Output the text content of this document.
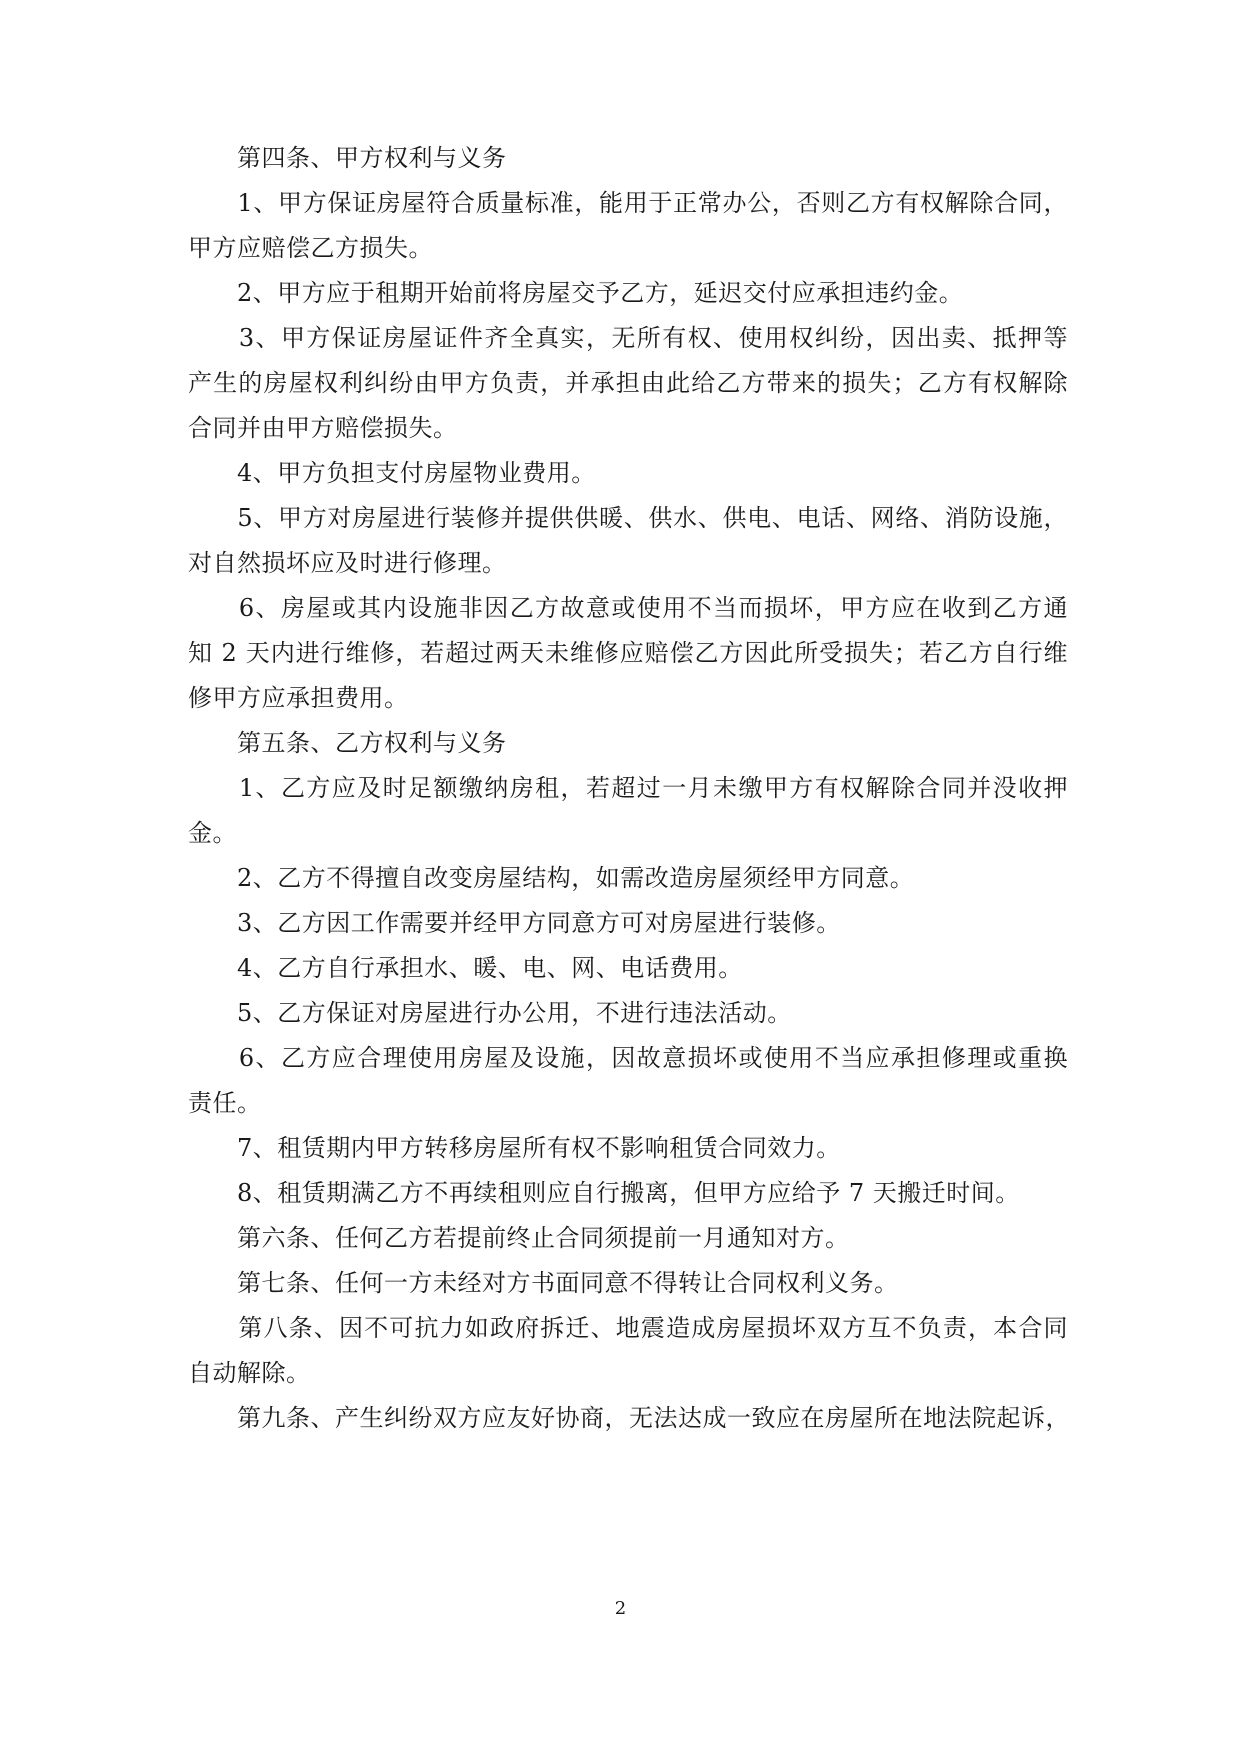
　　第四条、甲方权利与义务
　　1、甲方保证房屋符合质量标准，能用于正常办公，否则乙方有权解除合同，
甲方应赔偿乙方损失。
　　2、甲方应于租期开始前将房屋交予乙方，延迟交付应承担违约金。
　　3、甲方保证房屋证件齐全真实，无所有权、使用权纠纷，因出卖、抵押等
产生的房屋权利纠纷由甲方负责，并承担由此给乙方带来的损失；乙方有权解除
合同并由甲方赔偿损失。
　　4、甲方负担支付房屋物业费用。
　　5、甲方对房屋进行装修并提供供暖、供水、供电、电话、网络、消防设施，
对自然损坏应及时进行修理。
　　6、房屋或其内设施非因乙方故意或使用不当而损坏，甲方应在收到乙方通
知 2 天内进行维修，若超过两天未维修应赔偿乙方因此所受损失；若乙方自行维
修甲方应承担费用。
　　第五条、乙方权利与义务
　　1、乙方应及时足额缴纳房租，若超过一月未缴甲方有权解除合同并没收押
金。
　　2、乙方不得擅自改变房屋结构，如需改造房屋须经甲方同意。
　　3、乙方因工作需要并经甲方同意方可对房屋进行装修。
　　4、乙方自行承担水、暖、电、网、电话费用。
　　5、乙方保证对房屋进行办公用，不进行违法活动。
　　6、乙方应合理使用房屋及设施，因故意损坏或使用不当应承担修理或重换
责任。
　　7、租赁期内甲方转移房屋所有权不影响租赁合同效力。
　　8、租赁期满乙方不再续租则应自行搬离，但甲方应给予 7 天搬迁时间。
　　第六条、任何乙方若提前终止合同须提前一月通知对方。
　　第七条、任何一方未经对方书面同意不得转让合同权利义务。
　　第八条、因不可抗力如政府拆迁、地震造成房屋损坏双方互不负责，本合同
自动解除。
　　第九条、产生纠纷双方应友好协商，无法达成一致应在房屋所在地法院起诉，
2
